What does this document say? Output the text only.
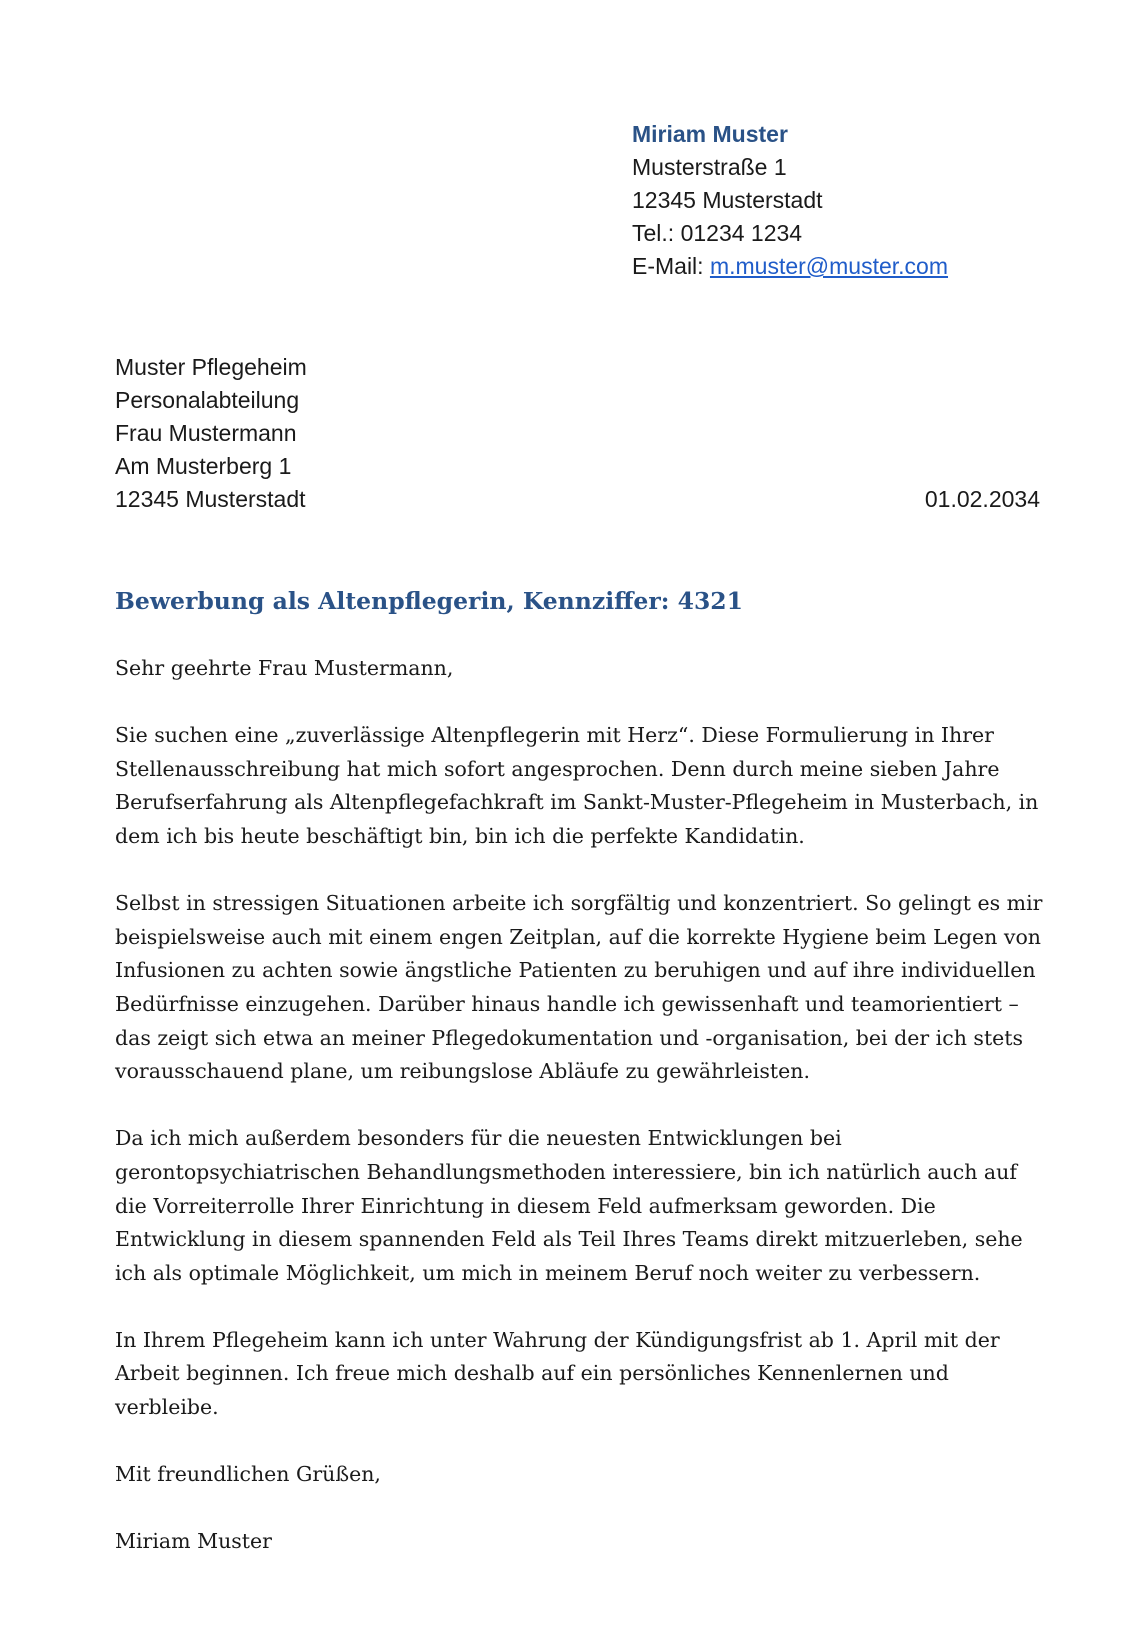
Miriam Muster
Musterstraße 1
12345 Musterstadt
Tel.: 01234 1234
E-Mail: m.muster@muster.com
Muster Pflegeheim
Personalabteilung
Frau Mustermann
Am Musterberg 1
12345 Musterstadt	01.02.2034
Bewerbung als Altenpflegerin, Kennziffer: 4321

Sehr geehrte Frau Mustermann,

Sie suchen eine „zuverlässige Altenpflegerin mit Herz“. Diese Formulierung in Ihrer
Stellenausschreibung hat mich sofort angesprochen. Denn durch meine sieben Jahre
Berufserfahrung als Altenpflegefachkraft im Sankt-Muster-Pflegeheim in Musterbach, in
dem ich bis heute beschäftigt bin, bin ich die perfekte Kandidatin.

Selbst in stressigen Situationen arbeite ich sorgfältig und konzentriert. So gelingt es mir
beispielsweise auch mit einem engen Zeitplan, auf die korrekte Hygiene beim Legen von
Infusionen zu achten sowie ängstliche Patienten zu beruhigen und auf ihre individuellen
Bedürfnisse einzugehen. Darüber hinaus handle ich gewissenhaft und teamorientiert –
das zeigt sich etwa an meiner Pflegedokumentation und -organisation, bei der ich stets
vorausschauend plane, um reibungslose Abläufe zu gewährleisten.

Da ich mich außerdem besonders für die neuesten Entwicklungen bei
gerontopsychiatrischen Behandlungsmethoden interessiere, bin ich natürlich auch auf
die Vorreiterrolle Ihrer Einrichtung in diesem Feld aufmerksam geworden. Die
Entwicklung in diesem spannenden Feld als Teil Ihres Teams direkt mitzuerleben, sehe
ich als optimale Möglichkeit, um mich in meinem Beruf noch weiter zu verbessern.

In Ihrem Pflegeheim kann ich unter Wahrung der Kündigungsfrist ab 1. April mit der
Arbeit beginnen. Ich freue mich deshalb auf ein persönliches Kennenlernen und
verbleibe.

Mit freundlichen Grüßen,

Miriam Muster
